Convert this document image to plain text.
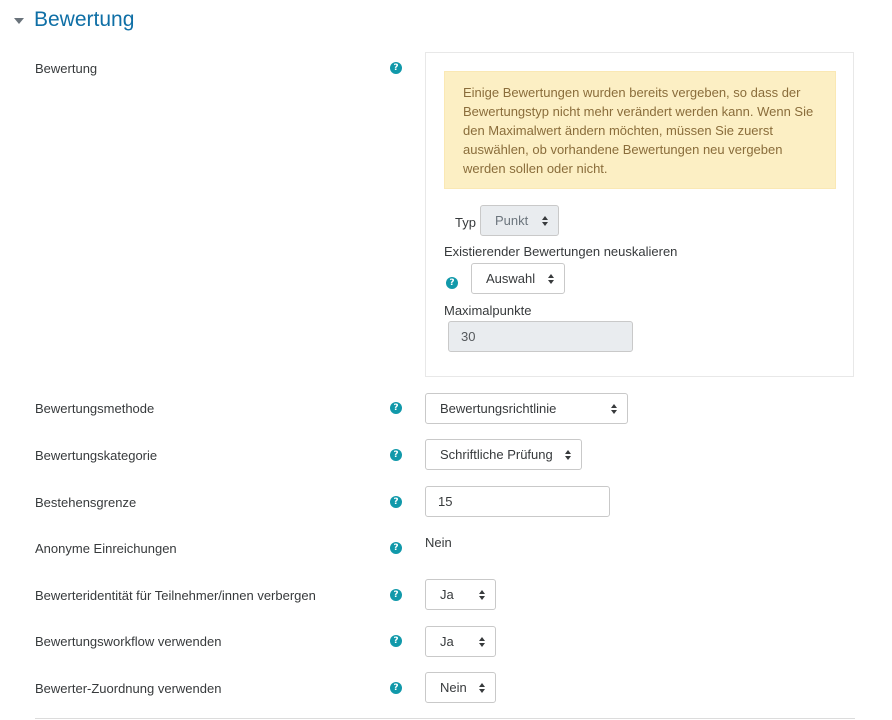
Bewertung
Bewertung	?
Einige Bewertungen wurden bereits vergeben, so dass der Bewertungstyp nicht mehr verändert werden kann. Wenn Sie den Maximalwert ändern möchten, müssen Sie zuerst auswählen, ob vorhandene Bewertungen neu vergeben werden sollen oder nicht.
Typ	Punkt
Existierender Bewertungen neuskalieren
?	Auswahl
Maximalpunkte
30
Bewertungsmethode	?	Bewertungsrichtlinie
Bewertungskategorie	?	Schriftliche Prüfung
Bestehensgrenze	?	15
Anonyme Einreichungen	? Nein
Bewerteridentität für Teilnehmer/innen verbergen	?	Ja
Bewertungsworkflow verwenden	?	Ja
Bewerter-Zuordnung verwenden	?	Nein
